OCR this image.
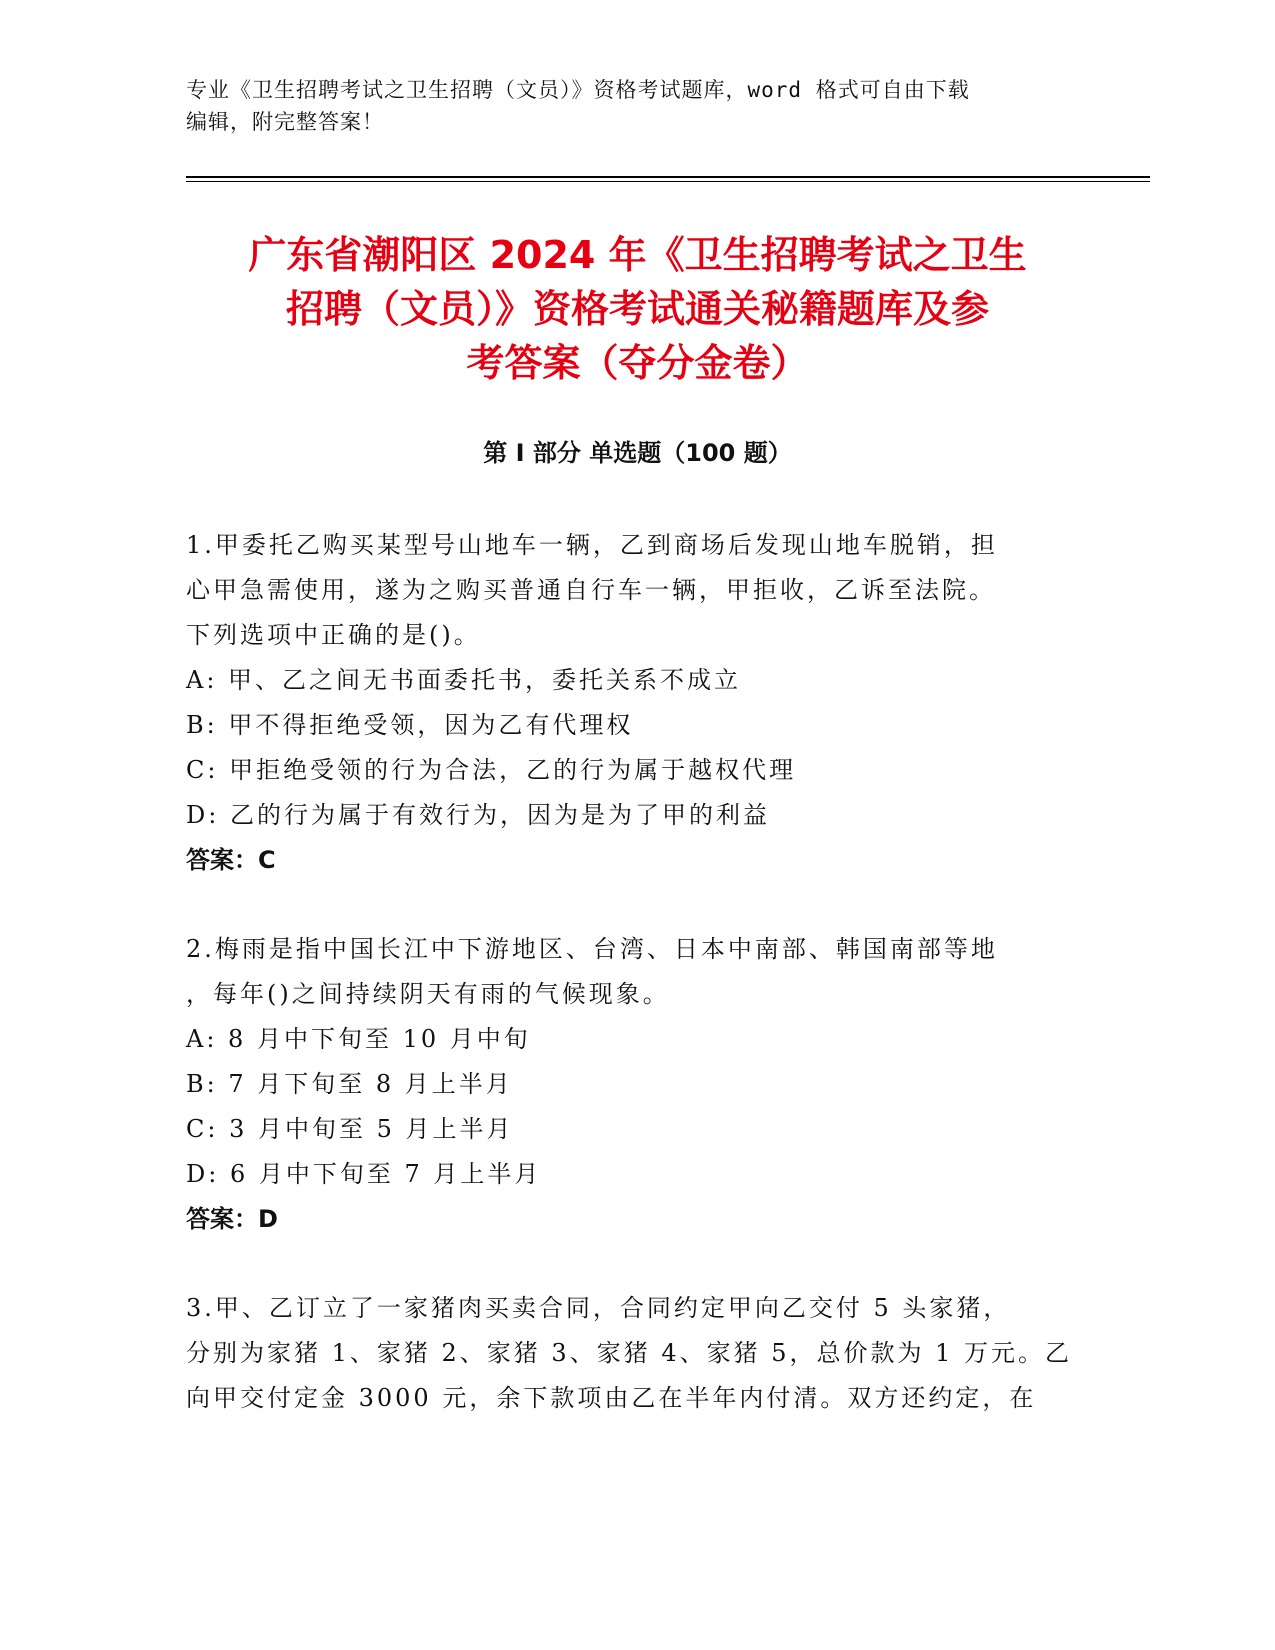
专业《卫生招聘考试之卫生招聘（文员）》资格考试题库，word 格式可自由下载
编辑，附完整答案！
广东省潮阳区 2024 年《卫生招聘考试之卫生
招聘（文员）》资格考试通关秘籍题库及参
考答案（夺分金卷）
第 I 部分 单选题（100 题）
1.甲委托乙购买某型号山地车一辆，乙到商场后发现山地车脱销，担
心甲急需使用，遂为之购买普通自行车一辆，甲拒收，乙诉至法院。
下列选项中正确的是()。
A: 甲、乙之间无书面委托书，委托关系不成立
B: 甲不得拒绝受领，因为乙有代理权
C: 甲拒绝受领的行为合法，乙的行为属于越权代理
D: 乙的行为属于有效行为，因为是为了甲的利益
答案：C
2.梅雨是指中国长江中下游地区、台湾、日本中南部、韩国南部等地
，每年()之间持续阴天有雨的气候现象。
A: 8 月中下旬至 10 月中旬
B: 7 月下旬至 8 月上半月
C: 3 月中旬至 5 月上半月
D: 6 月中下旬至 7 月上半月
答案：D
3.甲、乙订立了一家猪肉买卖合同，合同约定甲向乙交付 5 头家猪，
分别为家猪 1、家猪 2、家猪 3、家猪 4、家猪 5，总价款为 1 万元。乙
向甲交付定金 3000 元，余下款项由乙在半年内付清。双方还约定，在
